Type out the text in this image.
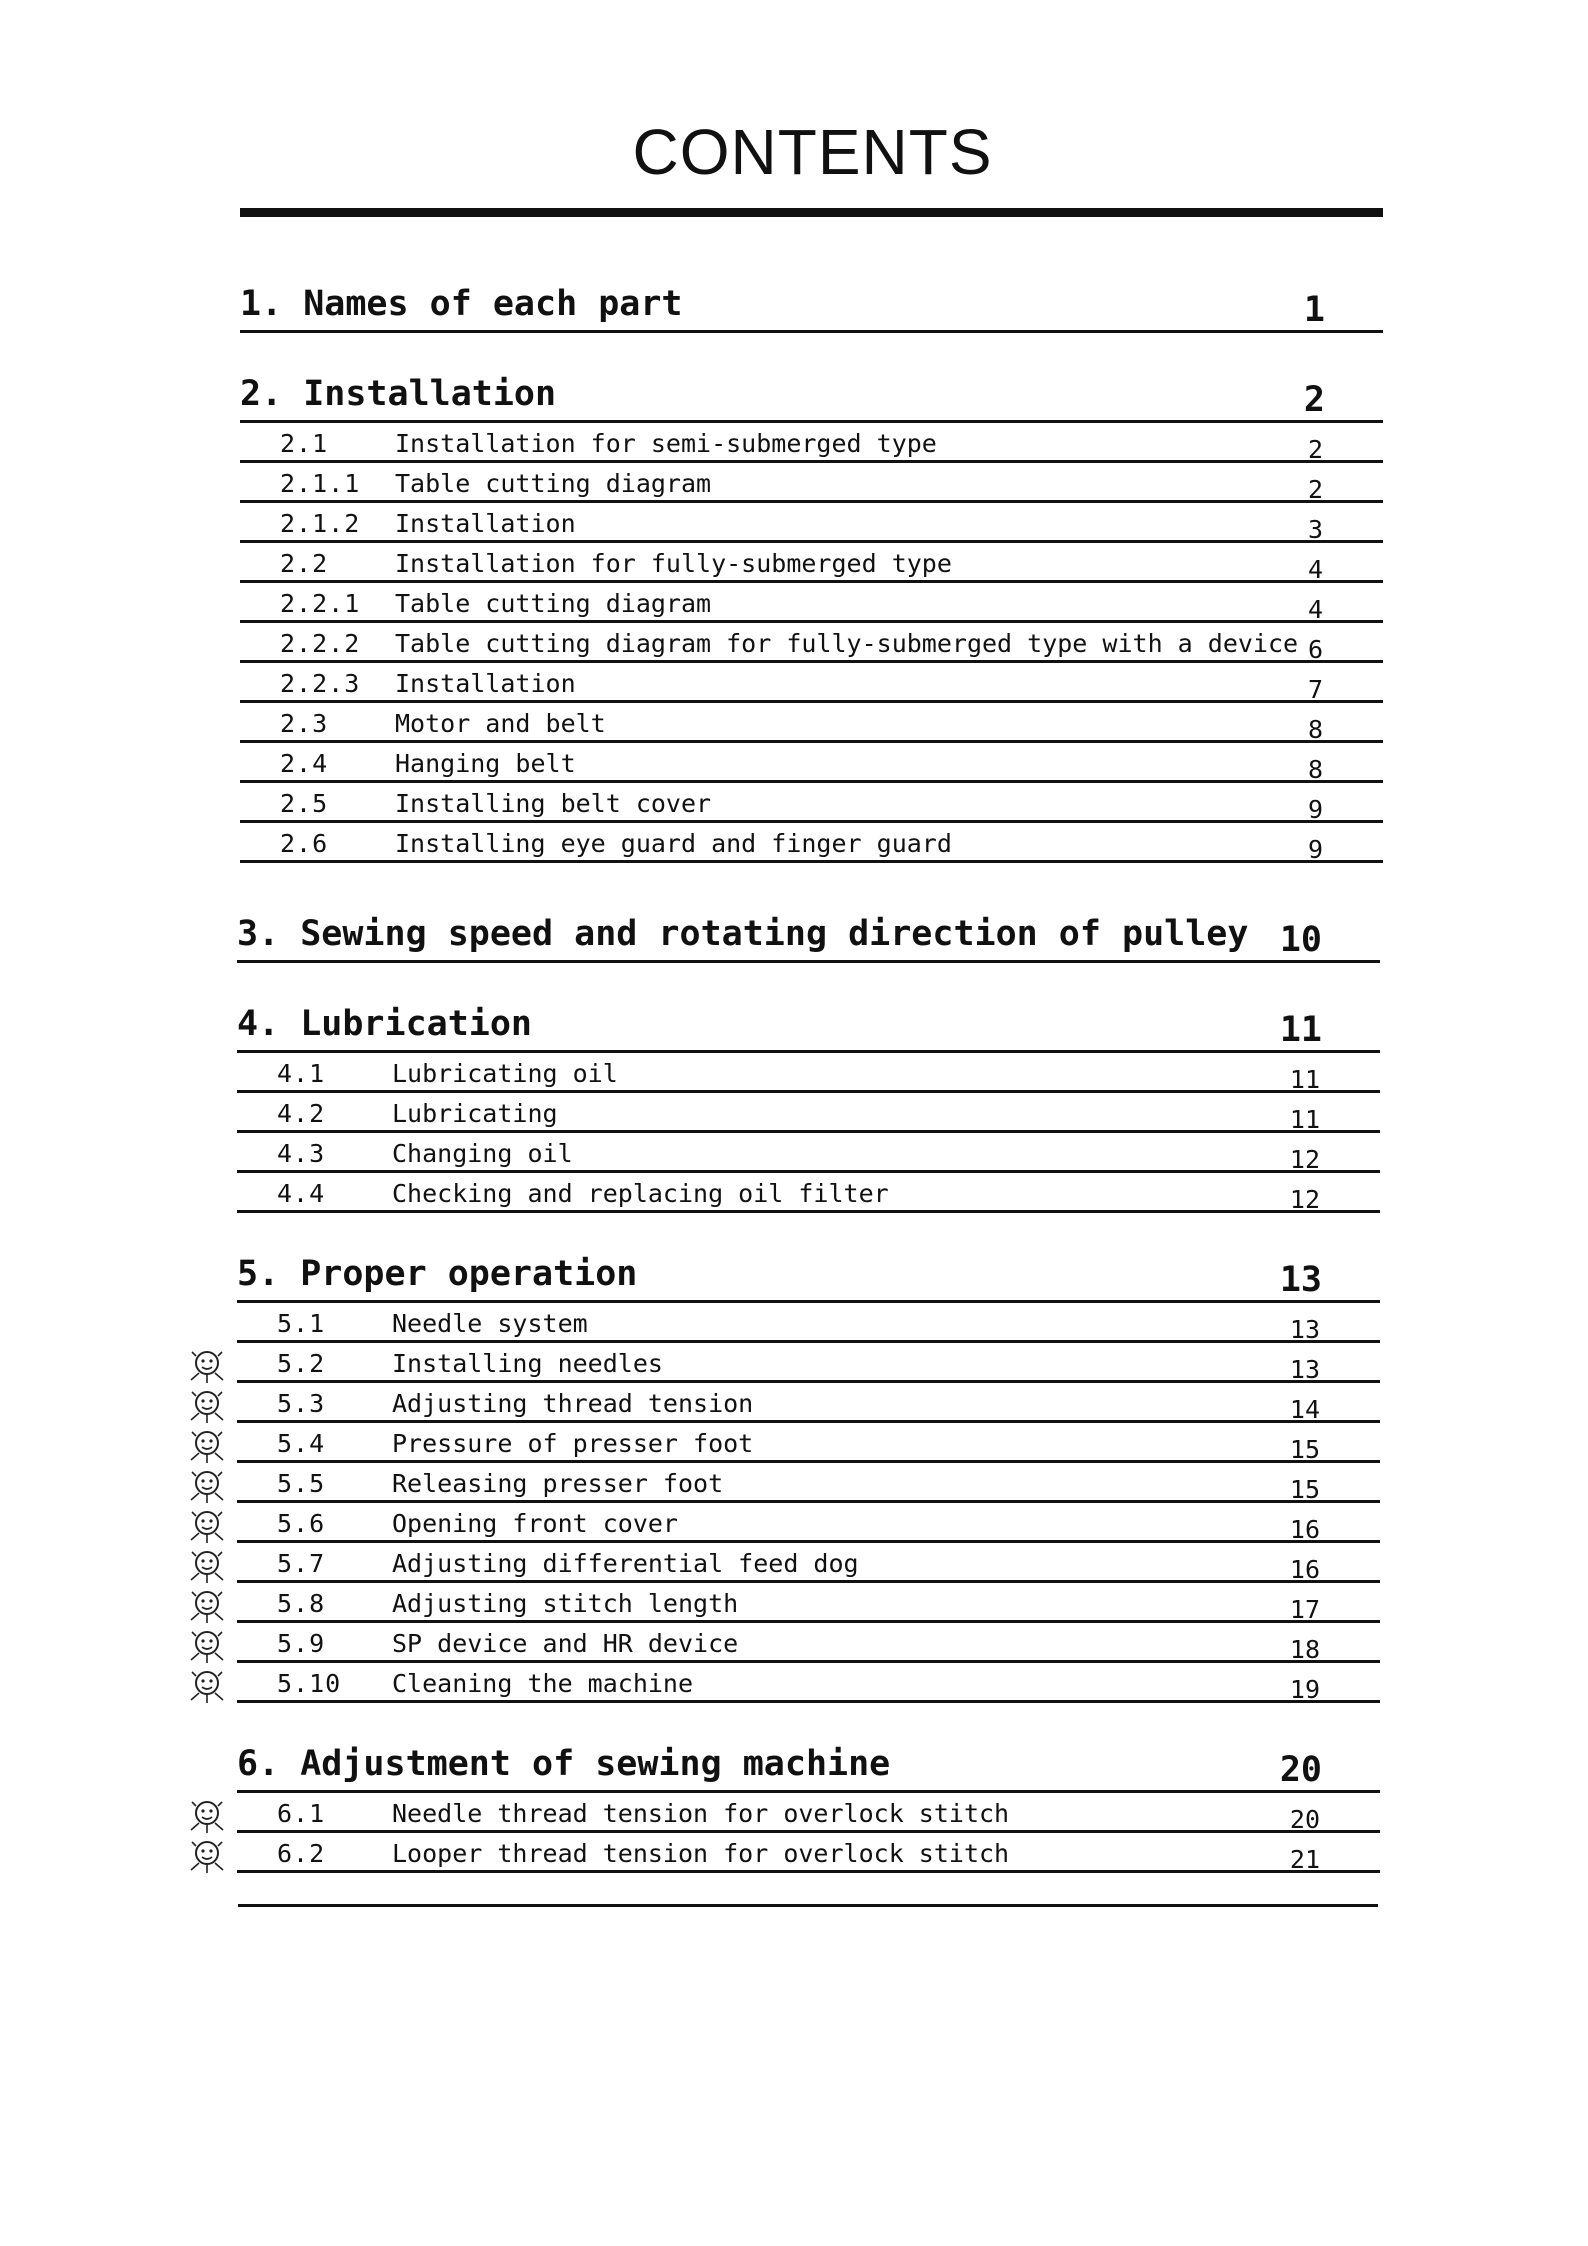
CONTENTS
1. Names of each part	1
2. Installation	2
2.1	Installation for semi-submerged type	2
2.1.1 Table cutting diagram	2
2.1.2 Installation	3
2.2	Installation for fully-submerged type	4
2.2.1 Table cutting diagram	4
2.2.2 Table cutting diagram for fully-submerged type with a device 6
2.2.3 Installation	7
2.3	Motor and belt	8
2.4	Hanging belt	8
2.5	Installing belt cover	9
2.6	Installing eye guard and finger guard	9
3. Sewing speed and rotating direction of pulley 10
4. Lubrication	11
4.1	Lubricating oil	11
4.2	Lubricating	11
4.3	Changing oil	12
4.4	Checking and replacing oil filter	12
5. Proper operation	13
5.1	Needle system	13
5.2	Installing needles	13
5.3	Adjusting thread tension	14
5.4	Pressure of presser foot	15
5.5	Releasing presser foot	15
5.6	Opening front cover	16
5.7	Adjusting differential feed dog	16
5.8	Adjusting stitch length	17
5.9	SP device and HR device	18
5.10 Cleaning the machine	19
6. Adjustment of sewing machine	20
6.1	Needle thread tension for overlock stitch	20
6.2	Looper thread tension for overlock stitch	21
